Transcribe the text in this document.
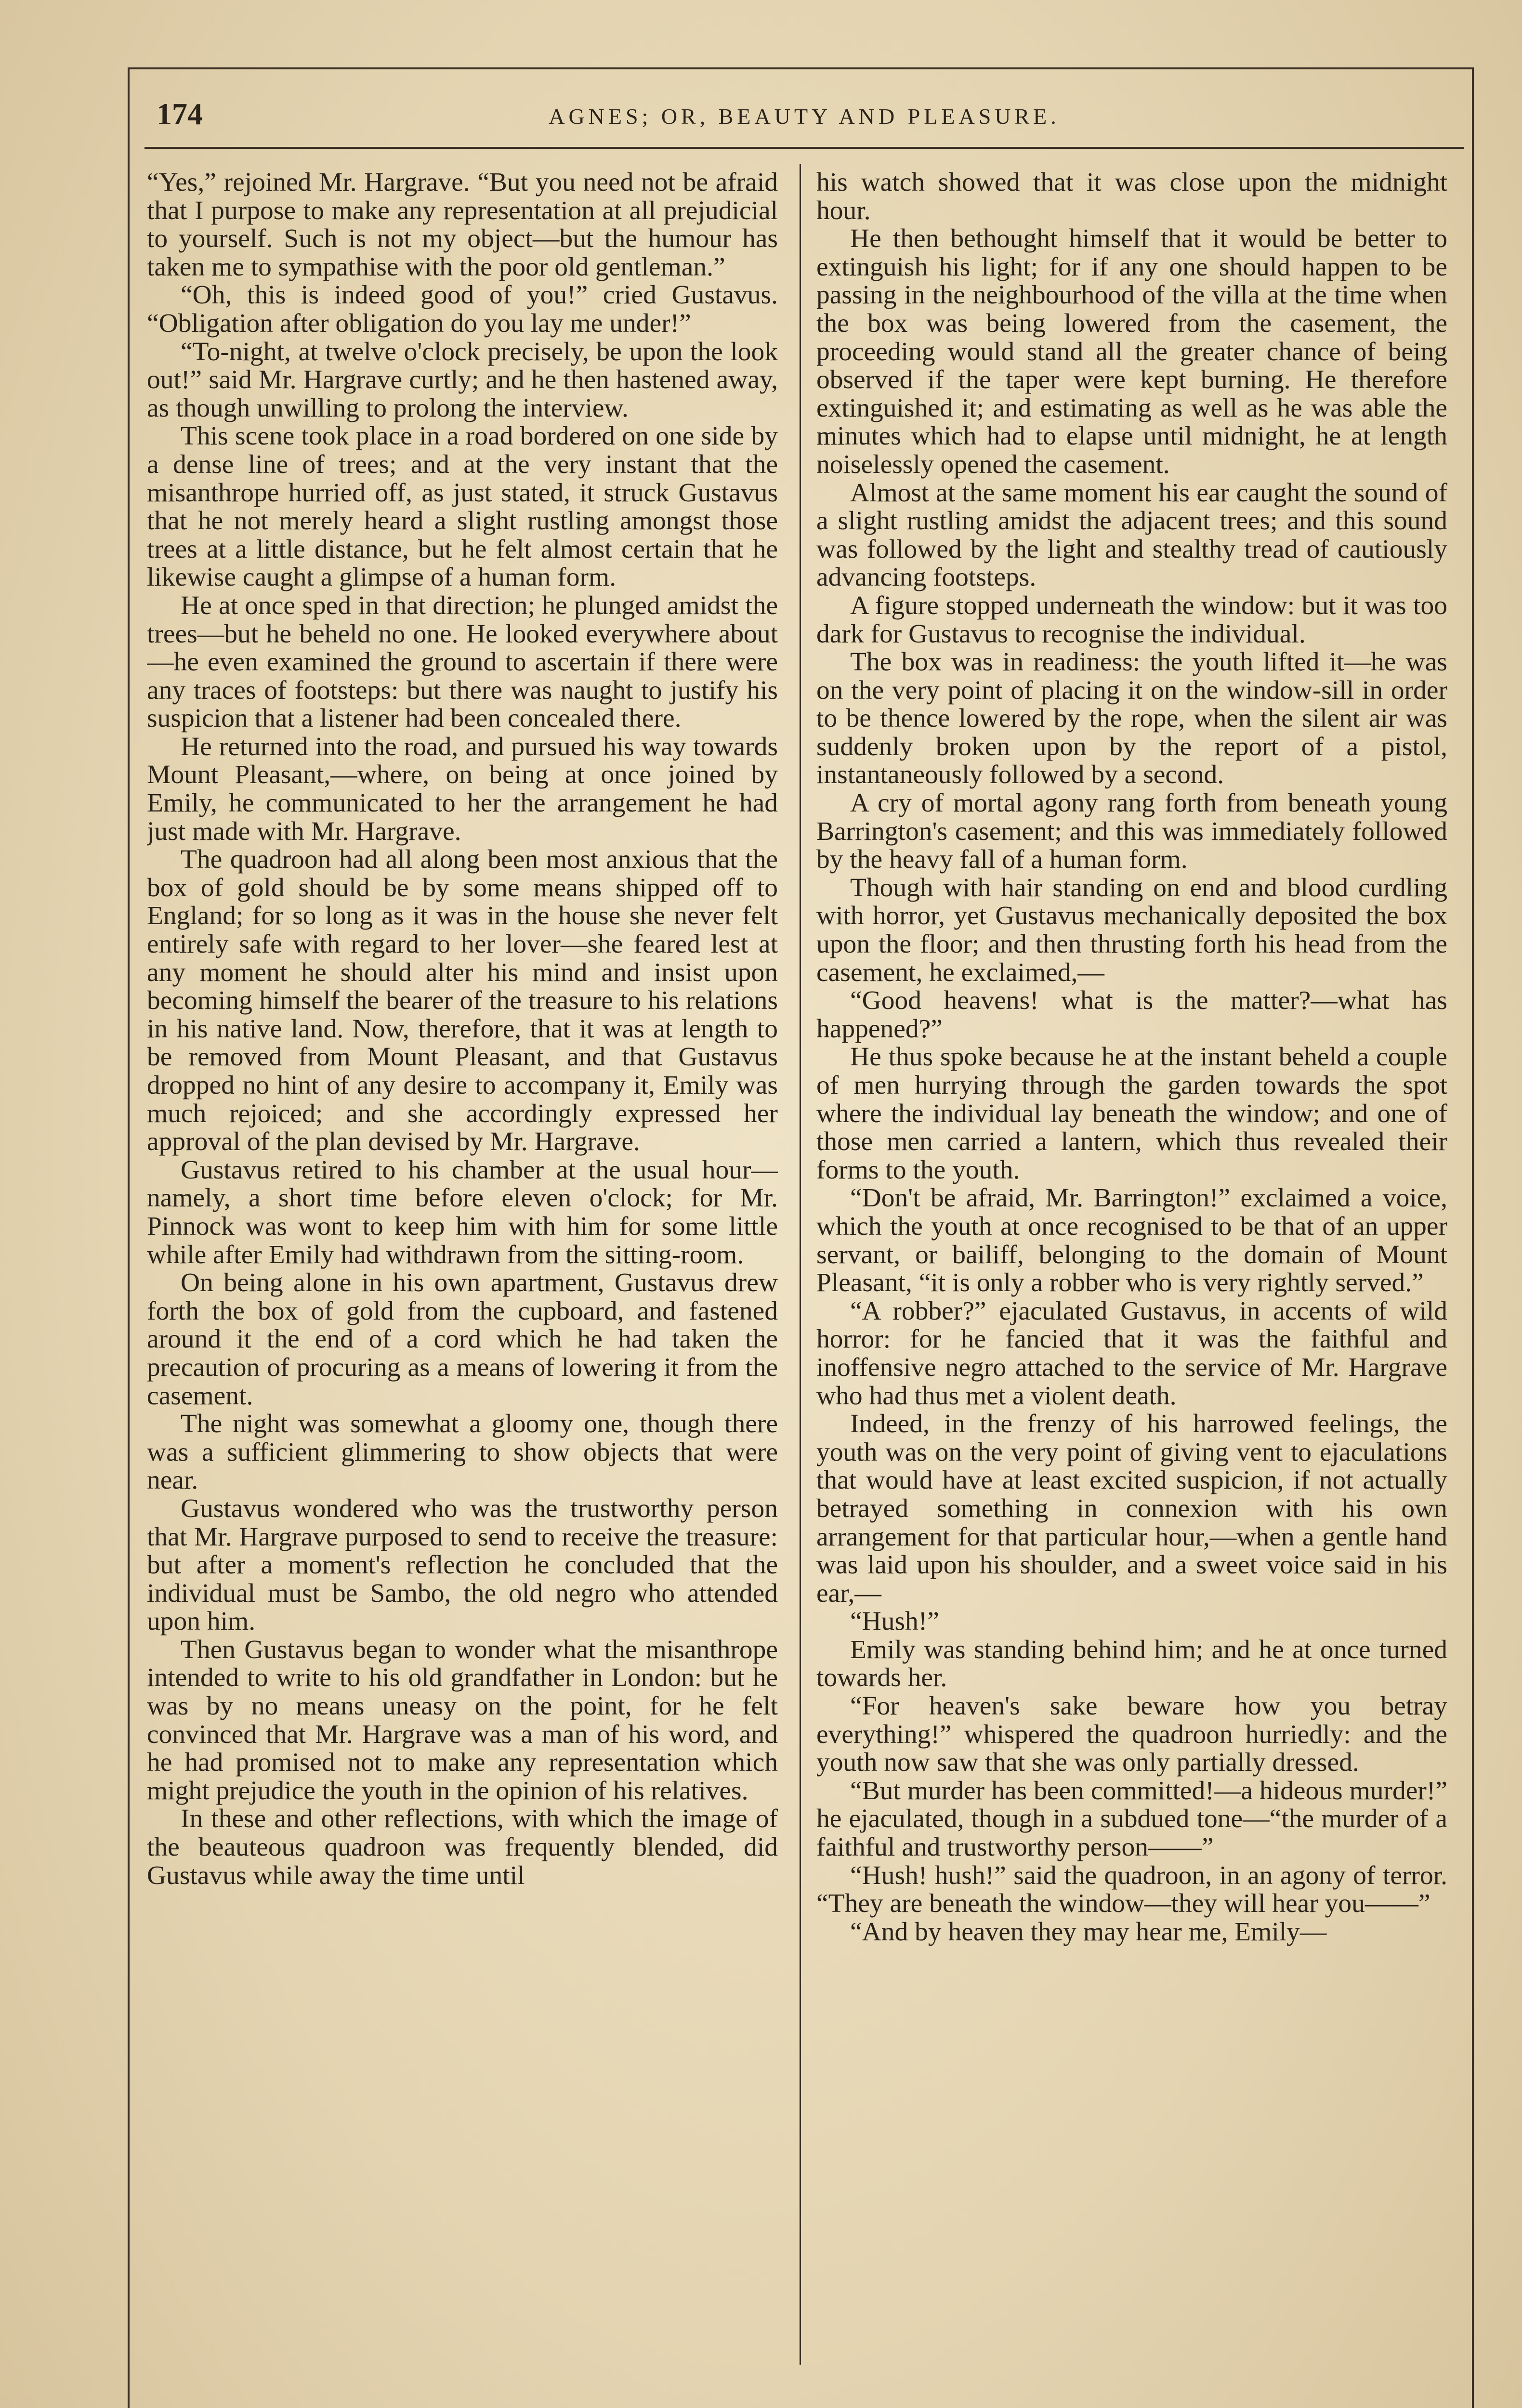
174	AGNES; OR, BEAUTY AND PLEASURE.

“Yes,” rejoined Mr. Hargrave. “But you need not be afraid that I purpose to make any representation at all prejudicial to yourself. Such is not my object—but the humour has taken me to sympathise with the poor old gentleman.”

“Oh, this is indeed good of you!” cried Gustavus. “Obligation after obligation do you lay me under!”

“To-night, at twelve o'clock precisely, be upon the look out!” said Mr. Hargrave curtly; and he then hastened away, as though unwilling to prolong the interview.

This scene took place in a road bordered on one side by a dense line of trees; and at the very instant that the misanthrope hurried off, as just stated, it struck Gustavus that he not merely heard a slight rustling amongst those trees at a little distance, but he felt almost certain that he likewise caught a glimpse of a human form.

He at once sped in that direction; he plunged amidst the trees—but he beheld no one. He looked everywhere about—he even examined the ground to ascertain if there were any traces of footsteps: but there was naught to justify his suspicion that a listener had been concealed there.

He returned into the road, and pursued his way towards Mount Pleasant,—where, on being at once joined by Emily, he communicated to her the arrangement he had just made with Mr. Hargrave.

The quadroon had all along been most anxious that the box of gold should be by some means shipped off to England; for so long as it was in the house she never felt entirely safe with regard to her lover—she feared lest at any moment he should alter his mind and insist upon becoming himself the bearer of the treasure to his relations in his native land. Now, therefore, that it was at length to be removed from Mount Pleasant, and that Gustavus dropped no hint of any desire to accompany it, Emily was much rejoiced; and she accordingly expressed her approval of the plan devised by Mr. Hargrave.

Gustavus retired to his chamber at the usual hour—namely, a short time before eleven o'clock; for Mr. Pinnock was wont to keep him with him for some little while after Emily had withdrawn from the sitting-room.

On being alone in his own apartment, Gustavus drew forth the box of gold from the cupboard, and fastened around it the end of a cord which he had taken the precaution of procuring as a means of lowering it from the casement.

The night was somewhat a gloomy one, though there was a sufficient glimmering to show objects that were near.

Gustavus wondered who was the trustworthy person that Mr. Hargrave purposed to send to receive the treasure: but after a moment's reflection he concluded that the individual must be Sambo, the old negro who attended upon him.

Then Gustavus began to wonder what the misanthrope intended to write to his old grandfather in London: but he was by no means uneasy on the point, for he felt convinced that Mr. Hargrave was a man of his word, and he had promised not to make any representation which might prejudice the youth in the opinion of his relatives.

In these and other reflections, with which the image of the beauteous quadroon was frequently blended, did Gustavus while away the time until

his watch showed that it was close upon the midnight hour.

He then bethought himself that it would be better to extinguish his light; for if any one should happen to be passing in the neighbourhood of the villa at the time when the box was being lowered from the casement, the proceeding would stand all the greater chance of being observed if the taper were kept burning. He therefore extinguished it; and estimating as well as he was able the minutes which had to elapse until midnight, he at length noiselessly opened the casement.

Almost at the same moment his ear caught the sound of a slight rustling amidst the adjacent trees; and this sound was followed by the light and stealthy tread of cautiously advancing footsteps.

A figure stopped underneath the window: but it was too dark for Gustavus to recognise the individual.

The box was in readiness: the youth lifted it—he was on the very point of placing it on the window-sill in order to be thence lowered by the rope, when the silent air was suddenly broken upon by the report of a pistol, instantaneously followed by a second.

A cry of mortal agony rang forth from beneath young Barrington's casement; and this was immediately followed by the heavy fall of a human form.

Though with hair standing on end and blood curdling with horror, yet Gustavus mechanically deposited the box upon the floor; and then thrusting forth his head from the casement, he exclaimed,—

“Good heavens! what is the matter?—what has happened?”

He thus spoke because he at the instant beheld a couple of men hurrying through the garden towards the spot where the individual lay beneath the window; and one of those men carried a lantern, which thus revealed their forms to the youth.

“Don't be afraid, Mr. Barrington!” exclaimed a voice, which the youth at once recognised to be that of an upper servant, or bailiff, belonging to the domain of Mount Pleasant, “it is only a robber who is very rightly served.”

“A robber?” ejaculated Gustavus, in accents of wild horror: for he fancied that it was the faithful and inoffensive negro attached to the service of Mr. Hargrave who had thus met a violent death.

Indeed, in the frenzy of his harrowed feelings, the youth was on the very point of giving vent to ejaculations that would have at least excited suspicion, if not actually betrayed something in connexion with his own arrangement for that particular hour,—when a gentle hand was laid upon his shoulder, and a sweet voice said in his ear,—

“Hush!”

Emily was standing behind him; and he at once turned towards her.

“For heaven's sake beware how you betray everything!” whispered the quadroon hurriedly: and the youth now saw that she was only partially dressed.

“But murder has been committed!—a hideous murder!” he ejaculated, though in a subdued tone—“the murder of a faithful and trustworthy person——”

“Hush! hush!” said the quadroon, in an agony of terror. “They are beneath the window—they will hear you——”

“And by heaven they may hear me, Emily—
